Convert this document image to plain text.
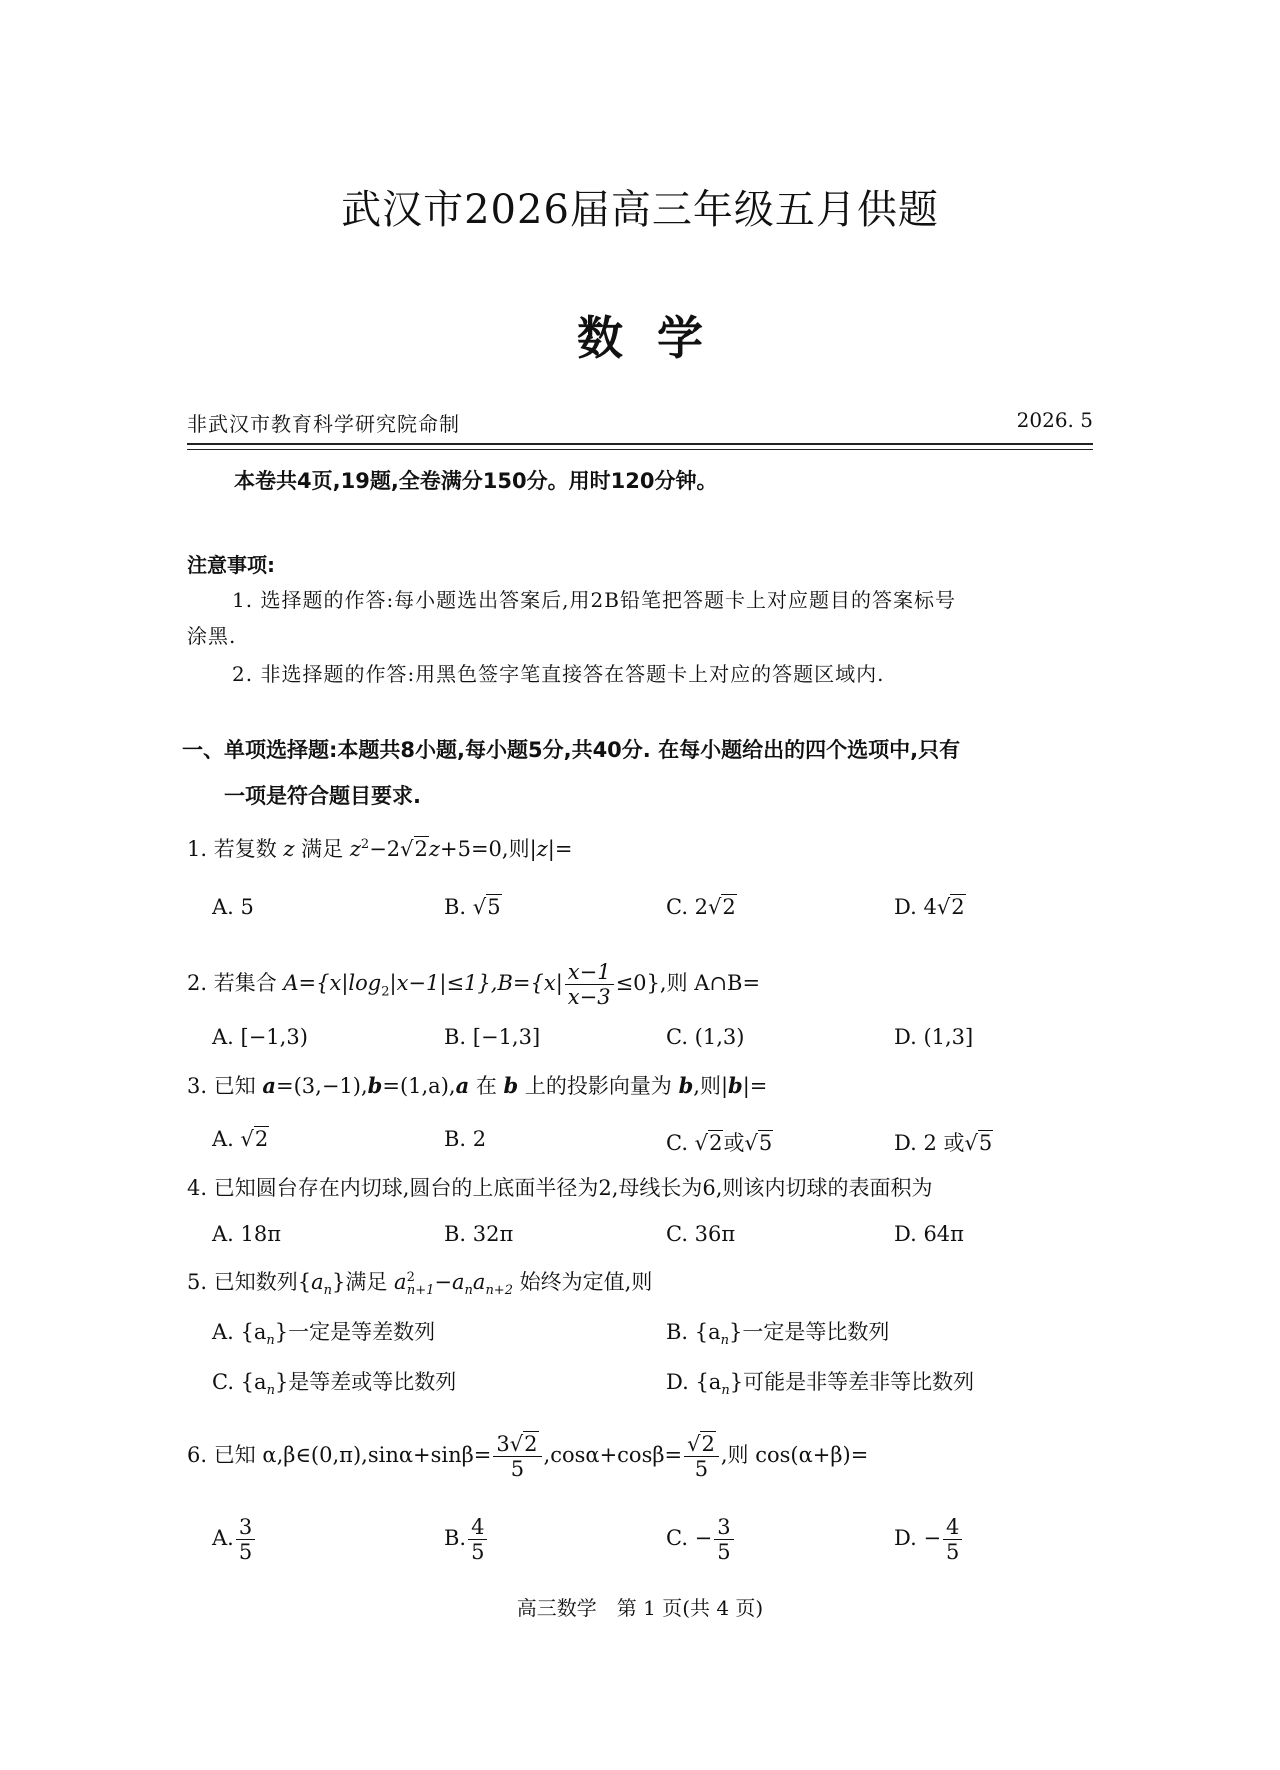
武汉市2026届高三年级五月供题
数学
非武汉市教育科学研究院命制	2026. 5
本卷共4页,19题,全卷满分150分。用时120分钟。
注意事项:
1. 选择题的作答:每小题选出答案后,用2B铅笔把答题卡上对应题目的答案标号
涂黑.
2. 非选择题的作答:用黑色签字笔直接答在答题卡上对应的答题区域内.
一、单项选择题:本题共8小题,每小题5分,共40分. 在每小题给出的四个选项中,只有
一项是符合题目要求.
1. 若复数 z 满足 $z^2-2√2z+5=0$,则|z|=
A. 5	B. √5	C. 2√2	D. 4√2
2. 若集合 $A=\{x|\log_2|x-1|\le 1\},B=\{x| \frac{x-1}{x-3} \le 0\}$,则 A∩B=
A. [−1,3)	B. [−1,3]	C. (1,3)	D. (1,3]
3. 已知 a=(3,−1),b=(1,a),a 在 b 上的投影向量为 b,则|b|=
A. √2	B. 2	C. √2或√5	D. 2 或√5
4. 已知圆台存在内切球,圆台的上底面半径为2,母线长为6,则该内切球的表面积为
A. 18π	B. 32π	C. 36π	D. 64π
5. 已知数列$\{a_n\}$满足 $a^2_{n+1}-a_na_{n+2}$ 始终为定值,则
A. $\{a_n\}$一定是等差数列	B. $\{a_n\}$一定是等比数列
C. $\{a_n\}$是等差或等比数列	D. $\{a_n\}$可能是非等差非等比数列
6. 已知 α,β∈(0,π),sinα+sinβ= $\frac{3√2}{5} ,\cos\alpha+\cos\beta= \frac{√2}{5}$ ,则 cos(α+β)=
A. $\frac{3}{5}$	B. $\frac{4}{5}$	C. − $\frac{3}{5}$	D. − $\frac{4}{5}$
高三数学　第 1 页(共 4 页)
